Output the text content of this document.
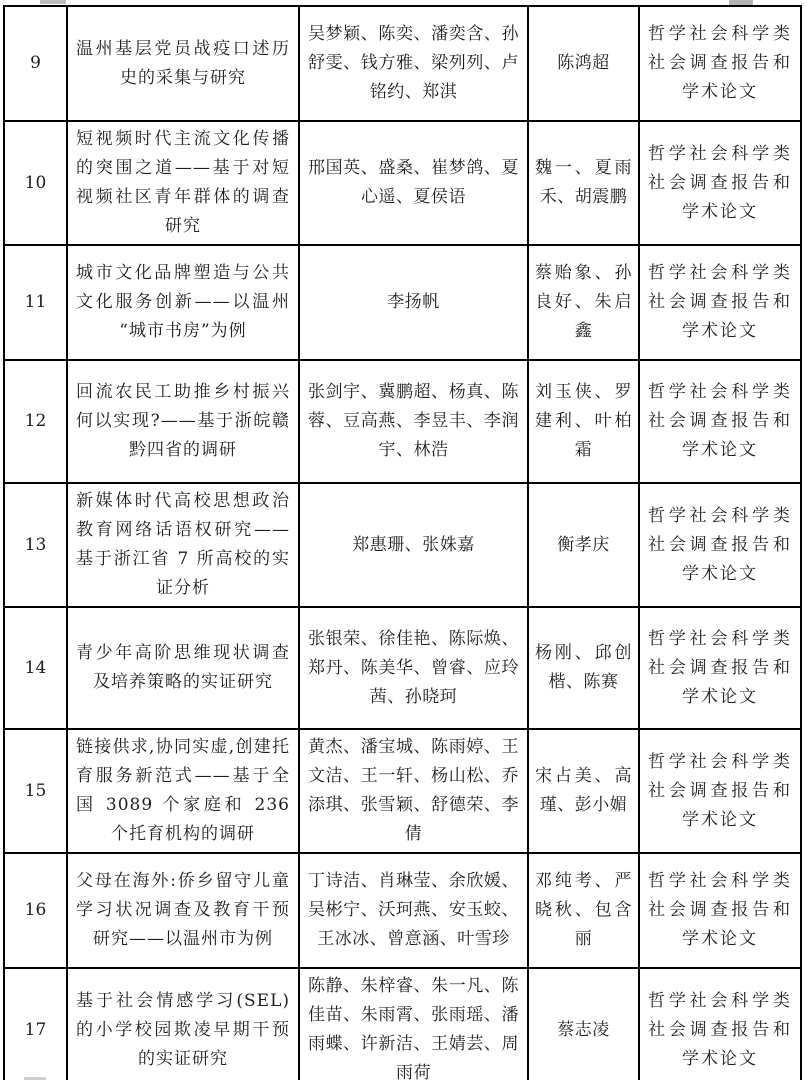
9	温州基层党员战疫口述历史的采集与研究	吴梦颖、陈奕、潘奕含、孙舒雯、钱方雅、梁列列、卢铭约、郑淇	陈鸿超	哲学社会科学类社会调查报告和学术论文
10	短视频时代主流文化传播的突围之道——基于对短视频社区青年群体的调查研究	邢国英、盛桑、崔梦鸽、夏心遥、夏侯语	魏一、夏雨禾、胡震鹏	哲学社会科学类社会调查报告和学术论文
11	城市文化品牌塑造与公共文化服务创新——以温州“城市书房”为例	李扬帆	蔡贻象、孙良好、朱启鑫	哲学社会科学类社会调查报告和学术论文
12	回流农民工助推乡村振兴何以实现?——基于浙皖赣黔四省的调研	张剑宇、冀鹏超、杨真、陈蓉、豆高燕、李昱丰、李润宇、林浩	刘玉侠、罗建利、叶柏霜	哲学社会科学类社会调查报告和学术论文
13	新媒体时代高校思想政治教育网络话语权研究——基于浙江省 7 所高校的实证分析	郑惠珊、张姝嘉	衡孝庆	哲学社会科学类社会调查报告和学术论文
14	青少年高阶思维现状调查及培养策略的实证研究	张银荣、徐佳艳、陈际焕、郑丹、陈美华、曾睿、应玲茜、孙晓珂	杨刚、邱创楷、陈赛	哲学社会科学类社会调查报告和学术论文
15	链接供求,协同实虚,创建托育服务新范式——基于全国 3089 个家庭和 236 个托育机构的调研	黄杰、潘宝城、陈雨婷、王文洁、王一轩、杨山松、乔添琪、张雪颖、舒德荣、李倩	宋占美、高瑾、彭小媚	哲学社会科学类社会调查报告和学术论文
16	父母在海外:侨乡留守儿童学习状况调查及教育干预研究——以温州市为例	丁诗洁、肖琳莹、余欣媛、吴彬宁、沃珂燕、安玉蛟、王冰冰、曾意涵、叶雪珍	邓纯考、严晓秋、包含丽	哲学社会科学类社会调查报告和学术论文
17	基于社会情感学习(SEL)的小学校园欺凌早期干预的实证研究	陈静、朱梓睿、朱一凡、陈佳苗、朱雨霄、张雨瑶、潘雨蝶、许新洁、王婧芸、周雨荷	蔡志凌	哲学社会科学类社会调查报告和学术论文
